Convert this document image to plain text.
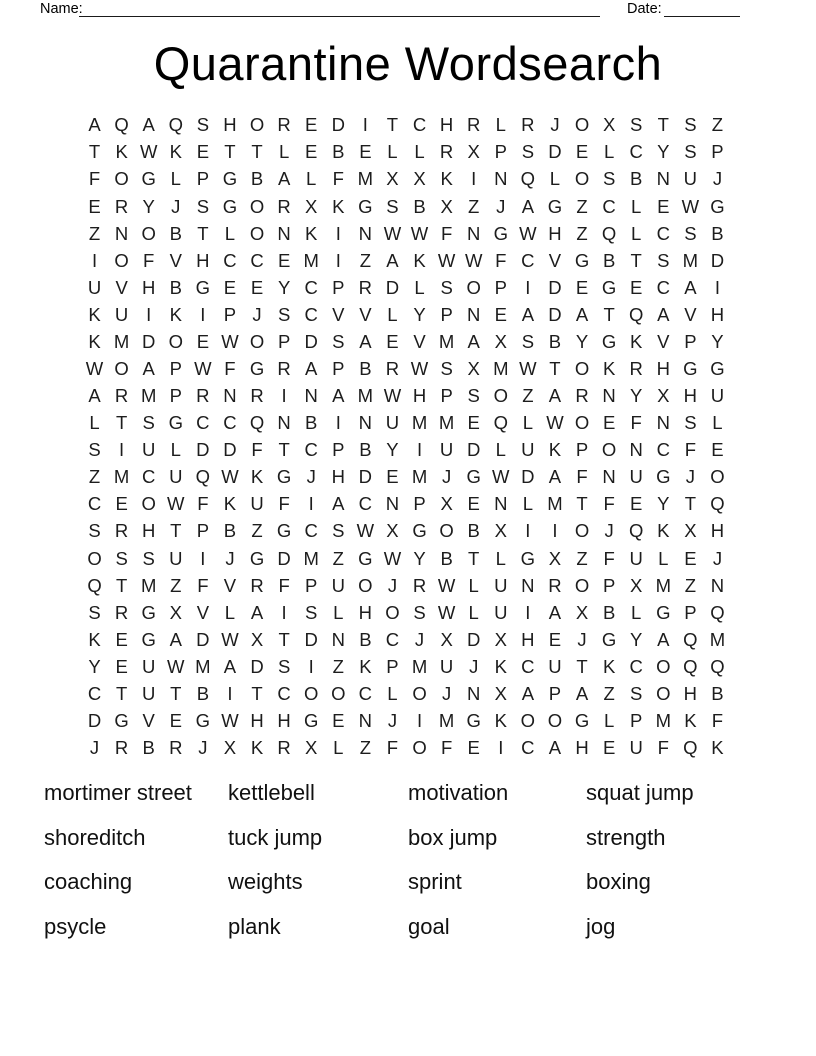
Name:	Date:
Quarantine Wordsearch
A Q A Q S H O R E D I	T C H R L R J O X S T S Z
T K W K E T T L E B E L L R X P S D E L C Y S P
F O G L P G B A L F M X X K I N Q L O S B N U J
E R Y J S G O R X K G S B X Z J A G Z C L E W G
Z N O B T L O N K I N W W F N G W H Z Q L C S B
I O F V H C C E M I	Z A K W W F C V G B T S M D
U V H B G E E Y C P R D L S O P I D E G E C A I
K U I K I P J S C V V L Y P N E A D A T Q A V H
K M D O E W O P D S A E V M A X S B Y G K V P Y
W O A P W F G R A P B R W S X M W T O K R H G G
A R M P R N R I N A M W H P S O Z A R N Y X H U
L T S G C C Q N B I N U M M E Q L W O E F N S L
S I U L D D F T C P B Y I U D L U K P O N C F E
Z M C U Q W K G J H D E M J G W D A F N U G J O
C E O W F K U F	I A C N P X E N L M T F E Y T Q
S R H T P B Z G C S W X G O B X I	I O J Q K X H
O S S U I	J G D M Z G W Y B T L G X Z F U L E J
Q T M Z F V R F P U O J R W L U N R O P X M Z N
S R G X V L A I S L H O S W L U I A X B L G P Q
K E G A D W X T D N B C J X D X H E J G Y A Q M
Y E U W M A D S I	Z K P M U J K C U T K C O Q Q
C T U T B I	T C O O C L O J N X A P A Z S O H B
D G V E G W H H G E N J	I M G K O O G L P M K F
J R B R J X K R X L Z F O F E I C A H E U F Q K
mortimer street	kettlebell	motivation	squat jump
shoreditch	tuck jump	box jump	strength
coaching	weights	sprint	boxing
psycle	plank	goal	jog
